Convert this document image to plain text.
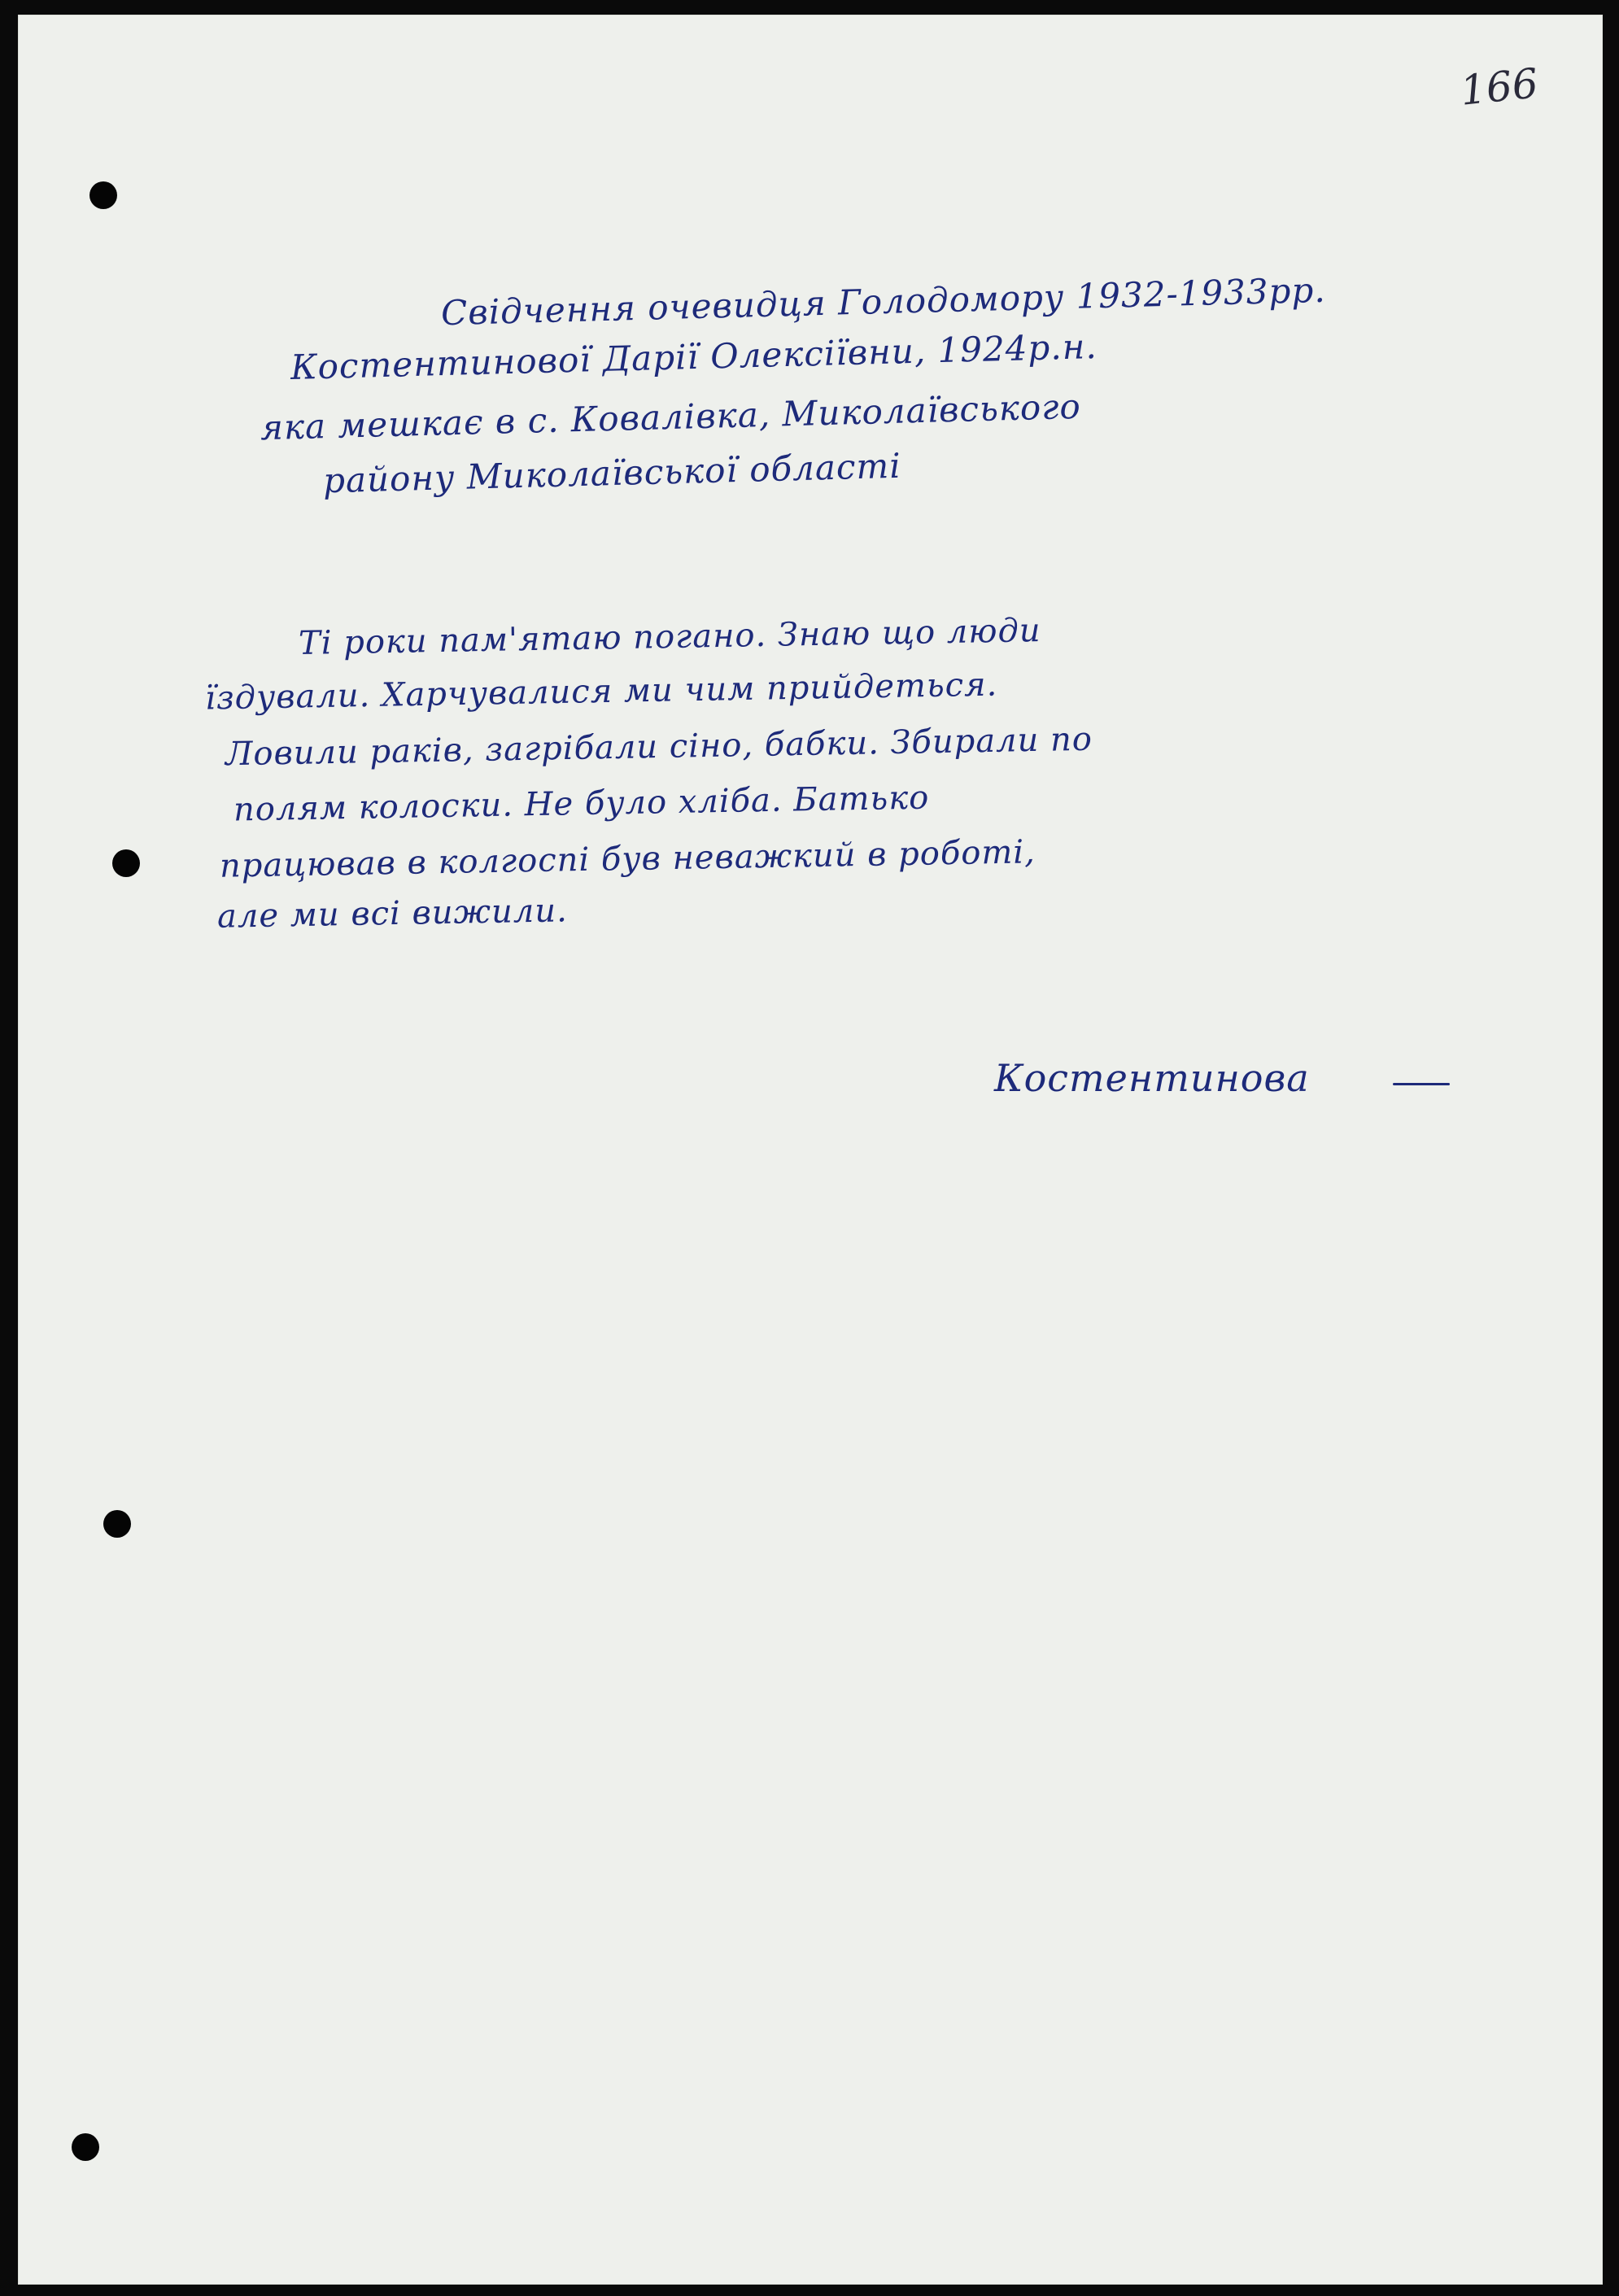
166
Свідчення очевидця Голодомору 1932-1933рр.
Костентинової Дарії Олексіївни, 1924р.н.
яка мешкає в с. Ковалівка, Миколаївського
району Миколаївської області
Ті роки пам'ятаю погано. Знаю що люди
їздували. Харчувалися ми чим прийдеться.
Ловили раків, загрібали сіно, бабки. Збирали по
полям колоски. Не було хліба. Батько
працював в колгоспі був неважкий в роботі,
але ми всі вижили.
Костентинова
